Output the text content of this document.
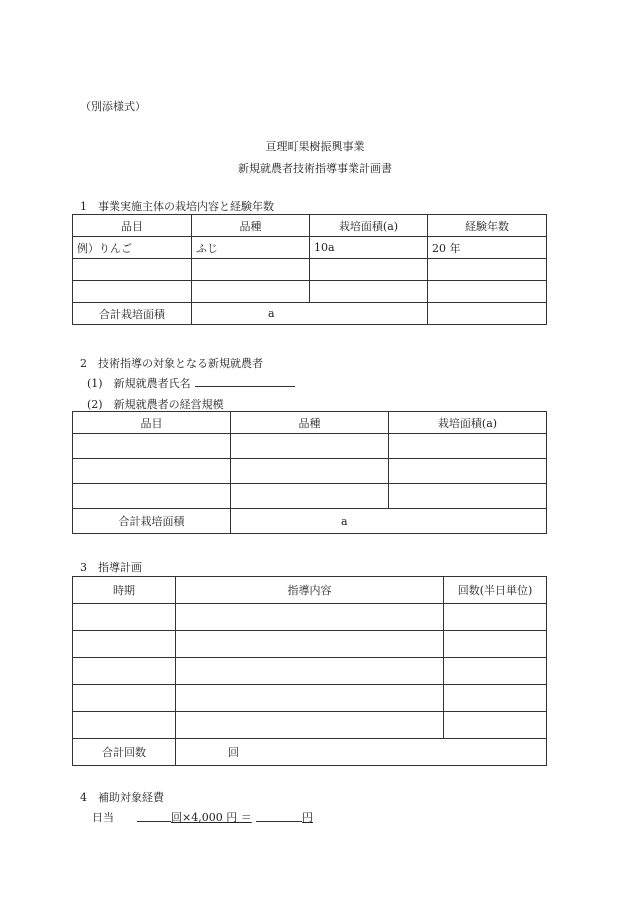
（別添様式）
亘理町果樹振興事業
新規就農者技術指導事業計画書
1　事業実施主体の栽培内容と経験年数
品目	品種	栽培面積(a)	経験年数
例）りんご	ふじ	10a	20 年

合計栽培面積	a		
2　技術指導の対象となる新規就農者
(1)　新規就農者氏名
(2)　新規就農者の経営規模
品目	品種	栽培面積(a)

合計栽培面積	a	
3　指導計画
時期	指導内容	回数(半日単位)

合計回数	回	
4　補助対象経費
日当	回×4,000 円 ＝	円
